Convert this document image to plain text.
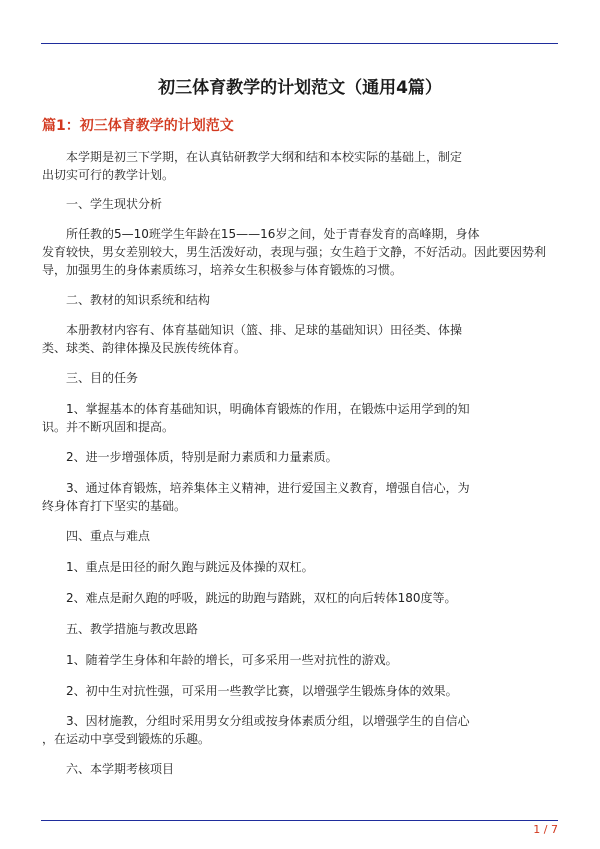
初三体育教学的计划范文（通用4篇）
篇1：初三体育教学的计划范文

　　本学期是初三下学期，在认真钻研教学大纲和结和本校实际的基础上，制定

出切实可行的教学计划。

　　一、学生现状分析

　　所任教的5—10班学生年龄在15——16岁之间，处于青春发育的高峰期，身体

发育较快，男女差别较大，男生活泼好动，表现与强；女生趋于文静，不好活动。因此要因势利

导，加强男生的身体素质练习，培养女生积极参与体育锻炼的习惯。

　　二、教材的知识系统和结构

　　本册教材内容有、体育基础知识（篮、排、足球的基础知识）田径类、体操

类、球类、韵律体操及民族传统体育。

　　三、目的任务

　　1、掌握基本的体育基础知识，明确体育锻炼的作用，在锻炼中运用学到的知

识。并不断巩固和提高。

　　2、进一步增强体质，特别是耐力素质和力量素质。

　　3、通过体育锻炼，培养集体主义精神，进行爱国主义教育，增强自信心，为

终身体育打下坚实的基础。

　　四、重点与难点

　　1、重点是田径的耐久跑与跳远及体操的双杠。

　　2、难点是耐久跑的呼吸，跳远的助跑与踏跳，双杠的向后转体180度等。

　　五、教学措施与教改思路

　　1、随着学生身体和年龄的增长，可多采用一些对抗性的游戏。

　　2、初中生对抗性强，可采用一些教学比赛，以增强学生锻炼身体的效果。

　　3、因材施教，分组时采用男女分组或按身体素质分组，以增强学生的自信心

，在运动中享受到锻炼的乐趣。

　　六、本学期考核项目

1 / 7
